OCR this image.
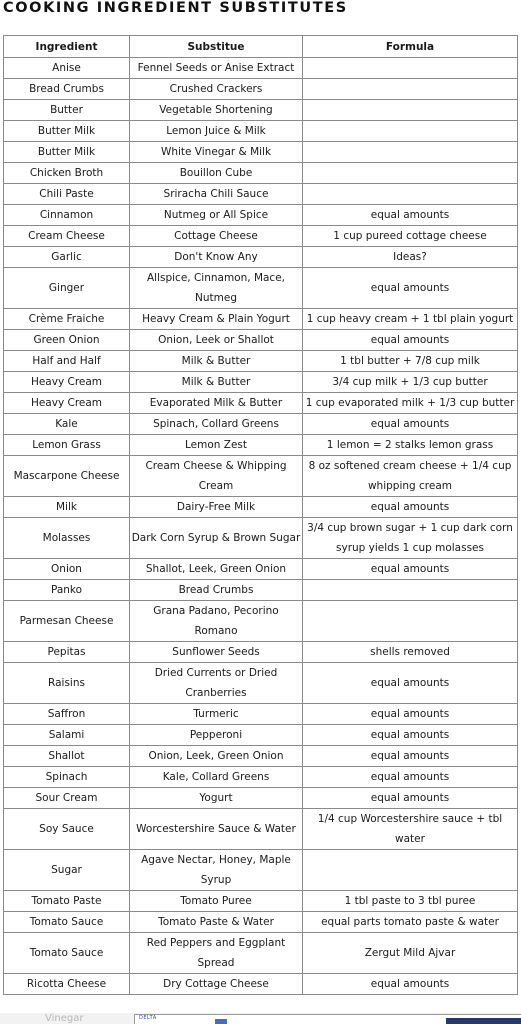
COOKING INGREDIENT SUBSTITUTES
Ingredient	Substitue	Formula
Anise	Fennel Seeds or Anise Extract	
Bread Crumbs	Crushed Crackers	
Butter	Vegetable Shortening	
Butter Milk	Lemon Juice & Milk	
Butter Milk	White Vinegar & Milk	
Chicken Broth	Bouillon Cube	
Chili Paste	Sriracha Chili Sauce	
Cinnamon	Nutmeg or All Spice	equal amounts
Cream Cheese	Cottage Cheese	1 cup pureed cottage cheese
Garlic	Don't Know Any	Ideas?
Ginger	Allspice, Cinnamon, Mace, Nutmeg	equal amounts
Crème Fraiche	Heavy Cream & Plain Yogurt	1 cup heavy cream + 1 tbl plain yogurt
Green Onion	Onion, Leek or Shallot	equal amounts
Half and Half	Milk & Butter	1 tbl butter + 7/8 cup milk
Heavy Cream	Milk & Butter	3/4 cup milk + 1/3 cup butter
Heavy Cream	Evaporated Milk & Butter	1 cup evaporated milk + 1/3 cup butter
Kale	Spinach, Collard Greens	equal amounts
Lemon Grass	Lemon Zest	1 lemon = 2 stalks lemon grass
Mascarpone Cheese	Cream Cheese & Whipping Cream	8 oz softened cream cheese + 1/4 cup whipping cream
Milk	Dairy-Free Milk	equal amounts
Molasses	Dark Corn Syrup & Brown Sugar	3/4 cup brown sugar + 1 cup dark corn syrup yields 1 cup molasses
Onion	Shallot, Leek, Green Onion	equal amounts
Panko	Bread Crumbs	
Parmesan Cheese	Grana Padano, Pecorino Romano	
Pepitas	Sunflower Seeds	shells removed
Raisins	Dried Currents or Dried Cranberries	equal amounts
Saffron	Turmeric	equal amounts
Salami	Pepperoni	equal amounts
Shallot	Onion, Leek, Green Onion	equal amounts
Spinach	Kale, Collard Greens	equal amounts
Sour Cream	Yogurt	equal amounts
Soy Sauce	Worcestershire Sauce & Water	1/4 cup Worcestershire sauce + tbl water
Sugar	Agave Nectar, Honey, Maple Syrup	
Tomato Paste	Tomato Puree	1 tbl paste to 3 tbl puree
Tomato Sauce	Tomato Paste & Water	equal parts tomato paste & water
Tomato Sauce	Red Peppers and Eggplant Spread	Zergut Mild Ajvar
Ricotta Cheese	Dry Cottage Cheese	equal amounts
Vinegar	DELTA
